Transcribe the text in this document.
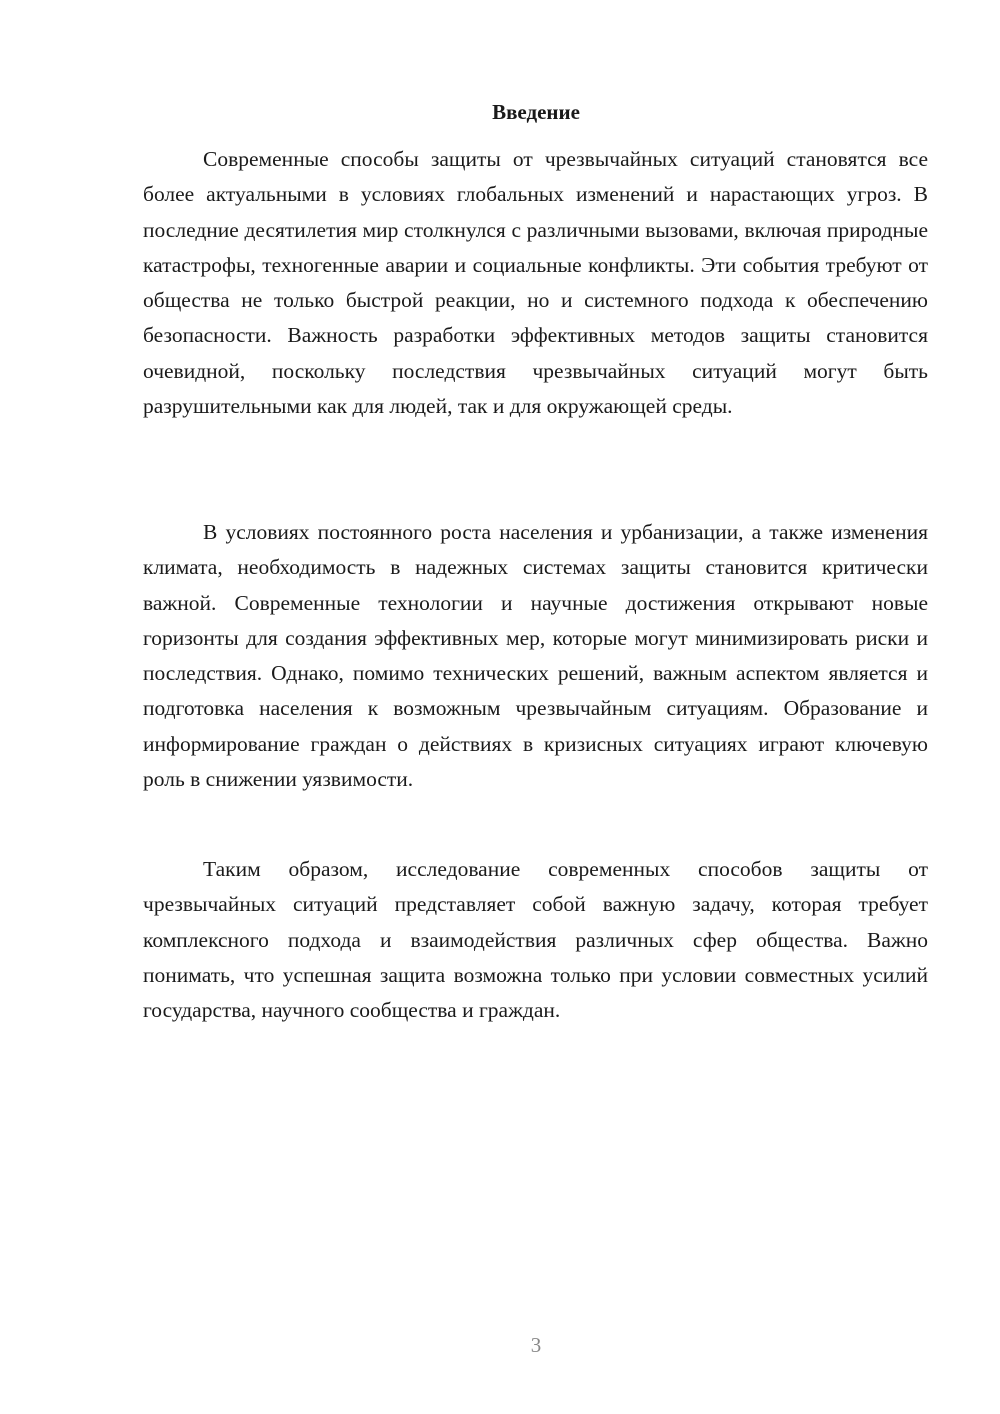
Введение

Современные способы защиты от чрезвычайных ситуаций становятся все более актуальными в условиях глобальных изменений и нарастающих угроз. В последние десятилетия мир столкнулся с различными вызовами, включая природные катастрофы, техногенные аварии и социальные конфликты. Эти события требуют от общества не только быстрой реакции, но и системного подхода к обеспечению безопасности. Важность разработки эффективных методов защиты становится очевидной, поскольку последствия чрезвычайных ситуаций могут быть разрушительными как для людей, так и для окружающей среды.

В условиях постоянного роста населения и урбанизации, а также изменения климата, необходимость в надежных системах защиты становится критически важной. Современные технологии и научные достижения открывают новые горизонты для создания эффективных мер, которые могут минимизировать риски и последствия. Однако, помимо технических решений, важным аспектом является и подготовка населения к возможным чрезвычайным ситуациям. Образование и информирование граждан о действиях в кризисных ситуациях играют ключевую роль в снижении уязвимости.

Таким образом, исследование современных способов защиты от чрезвычайных ситуаций представляет собой важную задачу, которая требует комплексного подхода и взаимодействия различных сфер общества. Важно понимать, что успешная защита возможна только при условии совместных усилий государства, научного сообщества и граждан.

3
